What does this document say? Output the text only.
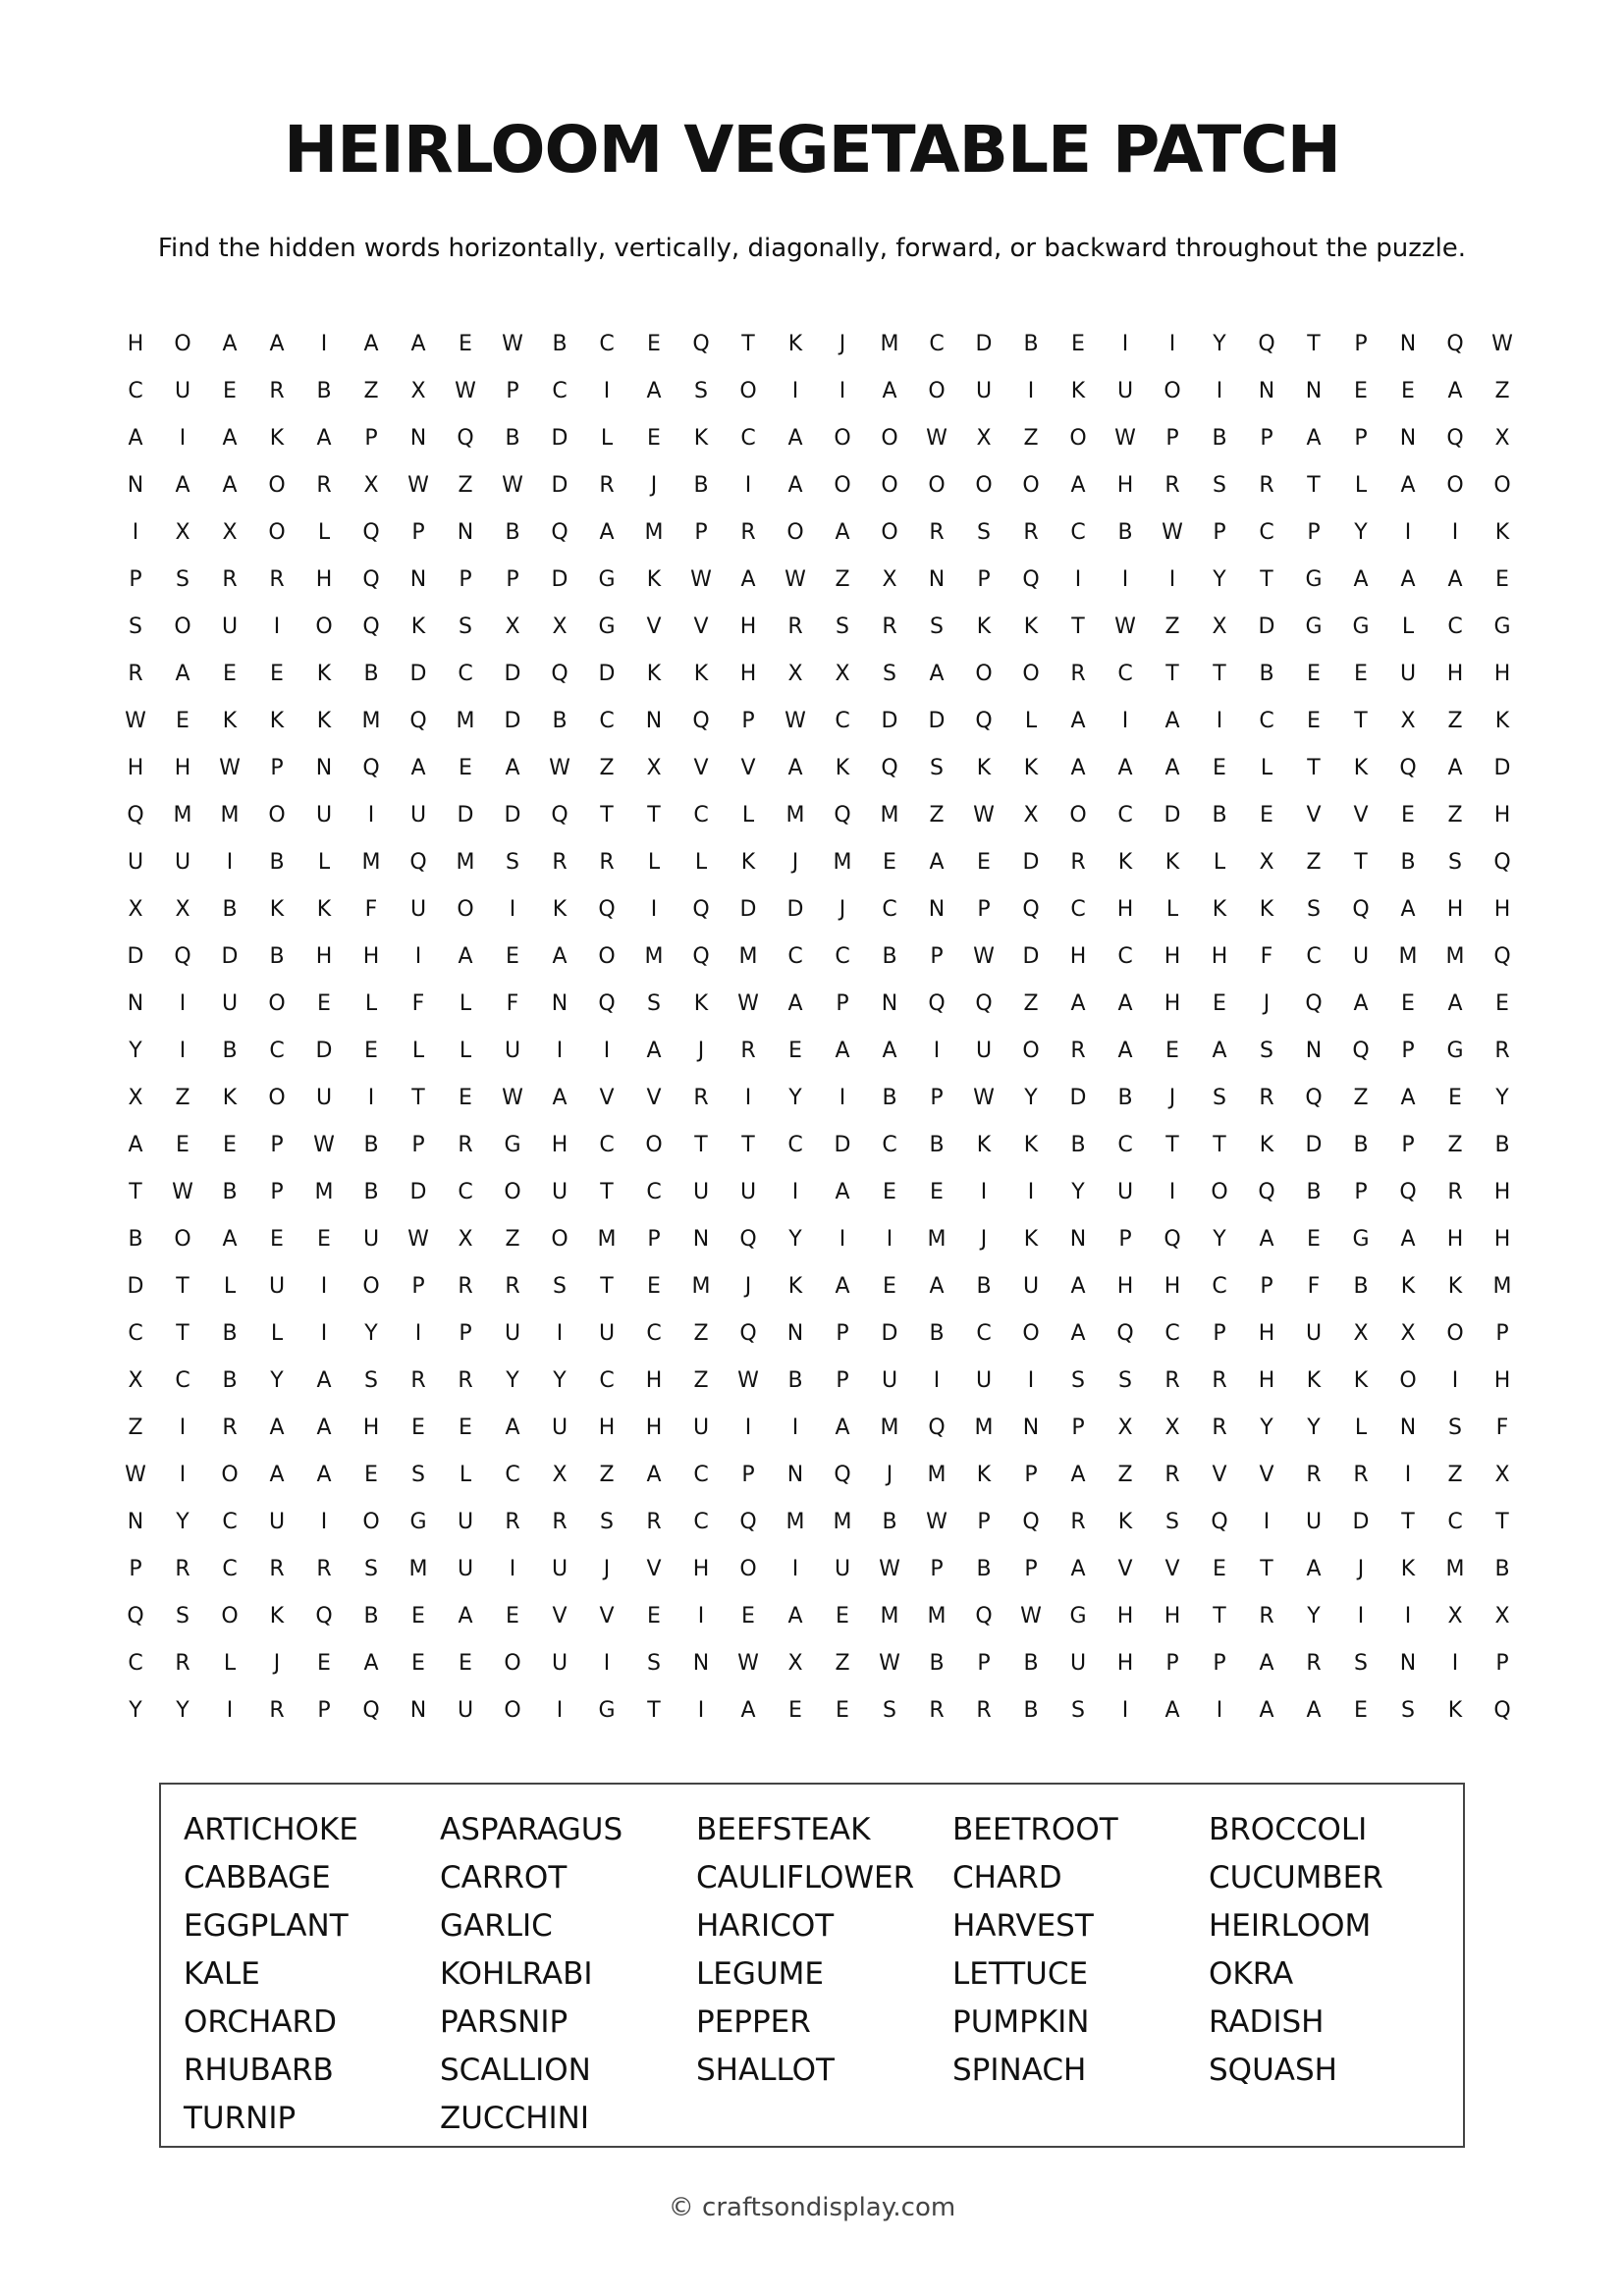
HEIRLOOM VEGETABLE PATCH
Find the hidden words horizontally, vertically, diagonally, forward, or backward throughout the puzzle.
H	O	A	A	I	A	A	E	W	B	C	E	Q	T	K	J	M	C	D	B	E	I	I	Y	Q	T	P	N	Q	W
C	U	E	R	B	Z	X	W	P	C	I	A	S	O	I	I	A	O	U	I	K	U	O	I	N	N	E	E	A	Z
A	I	A	K	A	P	N	Q	B	D	L	E	K	C	A	O	O	W	X	Z	O	W	P	B	P	A	P	N	Q	X
N	A	A	O	R	X	W	Z	W	D	R	J	B	I	A	O	O	O	O	O	A	H	R	S	R	T	L	A	O	O
I	X	X	O	L	Q	P	N	B	Q	A	M	P	R	O	A	O	R	S	R	C	B	W	P	C	P	Y	I	I	K
P	S	R	R	H	Q	N	P	P	D	G	K	W	A	W	Z	X	N	P	Q	I	I	I	Y	T	G	A	A	A	E
S	O	U	I	O	Q	K	S	X	X	G	V	V	H	R	S	R	S	K	K	T	W	Z	X	D	G	G	L	C	G
R	A	E	E	K	B	D	C	D	Q	D	K	K	H	X	X	S	A	O	O	R	C	T	T	B	E	E	U	H	H
W	E	K	K	K	M	Q	M	D	B	C	N	Q	P	W	C	D	D	Q	L	A	I	A	I	C	E	T	X	Z	K
H	H	W	P	N	Q	A	E	A	W	Z	X	V	V	A	K	Q	S	K	K	A	A	A	E	L	T	K	Q	A	D
Q	M	M	O	U	I	U	D	D	Q	T	T	C	L	M	Q	M	Z	W	X	O	C	D	B	E	V	V	E	Z	H
U	U	I	B	L	M	Q	M	S	R	R	L	L	K	J	M	E	A	E	D	R	K	K	L	X	Z	T	B	S	Q
X	X	B	K	K	F	U	O	I	K	Q	I	Q	D	D	J	C	N	P	Q	C	H	L	K	K	S	Q	A	H	H
D	Q	D	B	H	H	I	A	E	A	O	M	Q	M	C	C	B	P	W	D	H	C	H	H	F	C	U	M	M	Q
N	I	U	O	E	L	F	L	F	N	Q	S	K	W	A	P	N	Q	Q	Z	A	A	H	E	J	Q	A	E	A	E
Y	I	B	C	D	E	L	L	U	I	I	A	J	R	E	A	A	I	U	O	R	A	E	A	S	N	Q	P	G	R
X	Z	K	O	U	I	T	E	W	A	V	V	R	I	Y	I	B	P	W	Y	D	B	J	S	R	Q	Z	A	E	Y
A	E	E	P	W	B	P	R	G	H	C	O	T	T	C	D	C	B	K	K	B	C	T	T	K	D	B	P	Z	B
T	W	B	P	M	B	D	C	O	U	T	C	U	U	I	A	E	E	I	I	Y	U	I	O	Q	B	P	Q	R	H
B	O	A	E	E	U	W	X	Z	O	M	P	N	Q	Y	I	I	M	J	K	N	P	Q	Y	A	E	G	A	H	H
D	T	L	U	I	O	P	R	R	S	T	E	M	J	K	A	E	A	B	U	A	H	H	C	P	F	B	K	K	M
C	T	B	L	I	Y	I	P	U	I	U	C	Z	Q	N	P	D	B	C	O	A	Q	C	P	H	U	X	X	O	P
X	C	B	Y	A	S	R	R	Y	Y	C	H	Z	W	B	P	U	I	U	I	S	S	R	R	H	K	K	O	I	H
Z	I	R	A	A	H	E	E	A	U	H	H	U	I	I	A	M	Q	M	N	P	X	X	R	Y	Y	L	N	S	F
W	I	O	A	A	E	S	L	C	X	Z	A	C	P	N	Q	J	M	K	P	A	Z	R	V	V	R	R	I	Z	X
N	Y	C	U	I	O	G	U	R	R	S	R	C	Q	M	M	B	W	P	Q	R	K	S	Q	I	U	D	T	C	T
P	R	C	R	R	S	M	U	I	U	J	V	H	O	I	U	W	P	B	P	A	V	V	E	T	A	J	K	M	B
Q	S	O	K	Q	B	E	A	E	V	V	E	I	E	A	E	M	M	Q	W	G	H	H	T	R	Y	I	I	X	X
C	R	L	J	E	A	E	E	O	U	I	S	N	W	X	Z	W	B	P	B	U	H	P	P	A	R	S	N	I	P
Y	Y	I	R	P	Q	N	U	O	I	G	T	I	A	E	E	S	R	R	B	S	I	A	I	A	A	E	S	K	Q
ARTICHOKE	ASPARAGUS	BEEFSTEAK	BEETROOT	BROCCOLI
CABBAGE	CARROT	CAULIFLOWER	CHARD	CUCUMBER
EGGPLANT	GARLIC	HARICOT	HARVEST	HEIRLOOM
KALE	KOHLRABI	LEGUME	LETTUCE	OKRA
ORCHARD	PARSNIP	PEPPER	PUMPKIN	RADISH
RHUBARB	SCALLION	SHALLOT	SPINACH	SQUASH
TURNIP	ZUCCHINI
© craftsondisplay.com
